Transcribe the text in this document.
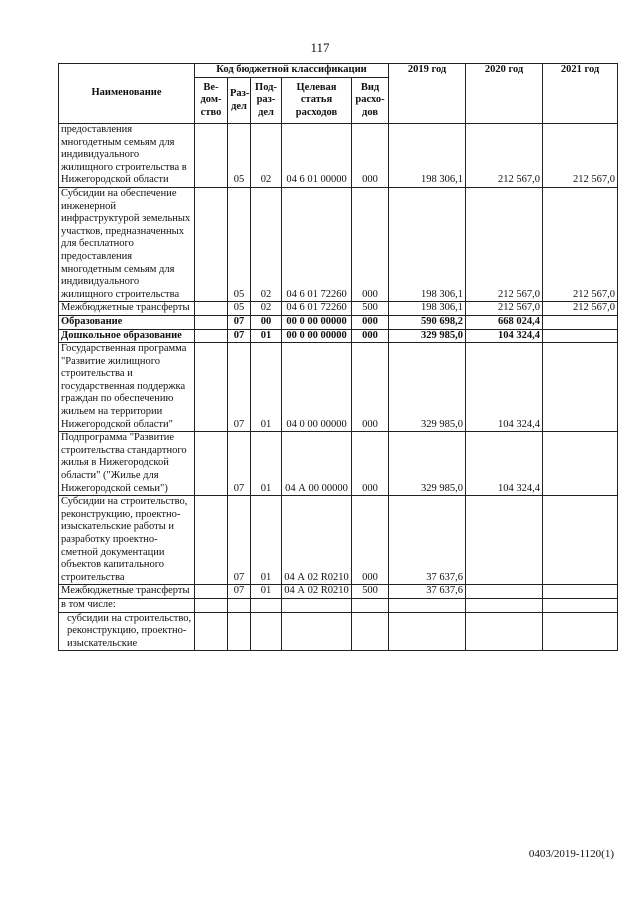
117
Наименование	Код бюджетной классификации					2019 год	2020 год	2021 год
	Ве-дом-ство	Раз-дел	Под-раз-дел	Целевая статья расходов	Вид расхо-дов			
предоставления многодетным семьям для индивидуального жилищного строительства в Нижегородской области		05	02	04 6 01 00000	000	198 306,1	212 567,0	212 567,0
Субсидии на обеспечение инженерной инфраструктурой земельных участков, предназначенных для бесплатного предоставления многодетным семьям для индивидуального жилищного строительства		05	02	04 6 01 72260	000	198 306,1	212 567,0	212 567,0
Межбюджетные трансферты		05	02	04 6 01 72260	500	198 306,1	212 567,0	212 567,0
Образование		07	00	00 0 00 00000	000	590 698,2	668 024,4	
Дошкольное образование		07	01	00 0 00 00000	000	329 985,0	104 324,4	
Государственная программа "Развитие жилищного строительства и государственная поддержка граждан по обеспечению жильем на территории Нижегородской области"		07	01	04 0 00 00000	000	329 985,0	104 324,4	
Подпрограмма "Развитие строительства стандартного жилья в Нижегородской области" ("Жилье для Нижегородской семьи")		07	01	04 А 00 00000	000	329 985,0	104 324,4	
Субсидии на строительство, реконструкцию, проектно-изыскательские работы и разработку проектно-сметной документации объектов капитального строительства		07	01	04 А 02 R0210	000	37 637,6		
Межбюджетные трансферты		07	01	04 А 02 R0210	500	37 637,6		
в том числе:								
субсидии на строительство, реконструкцию, проектно-изыскательские								
0403/2019-1120(1)
